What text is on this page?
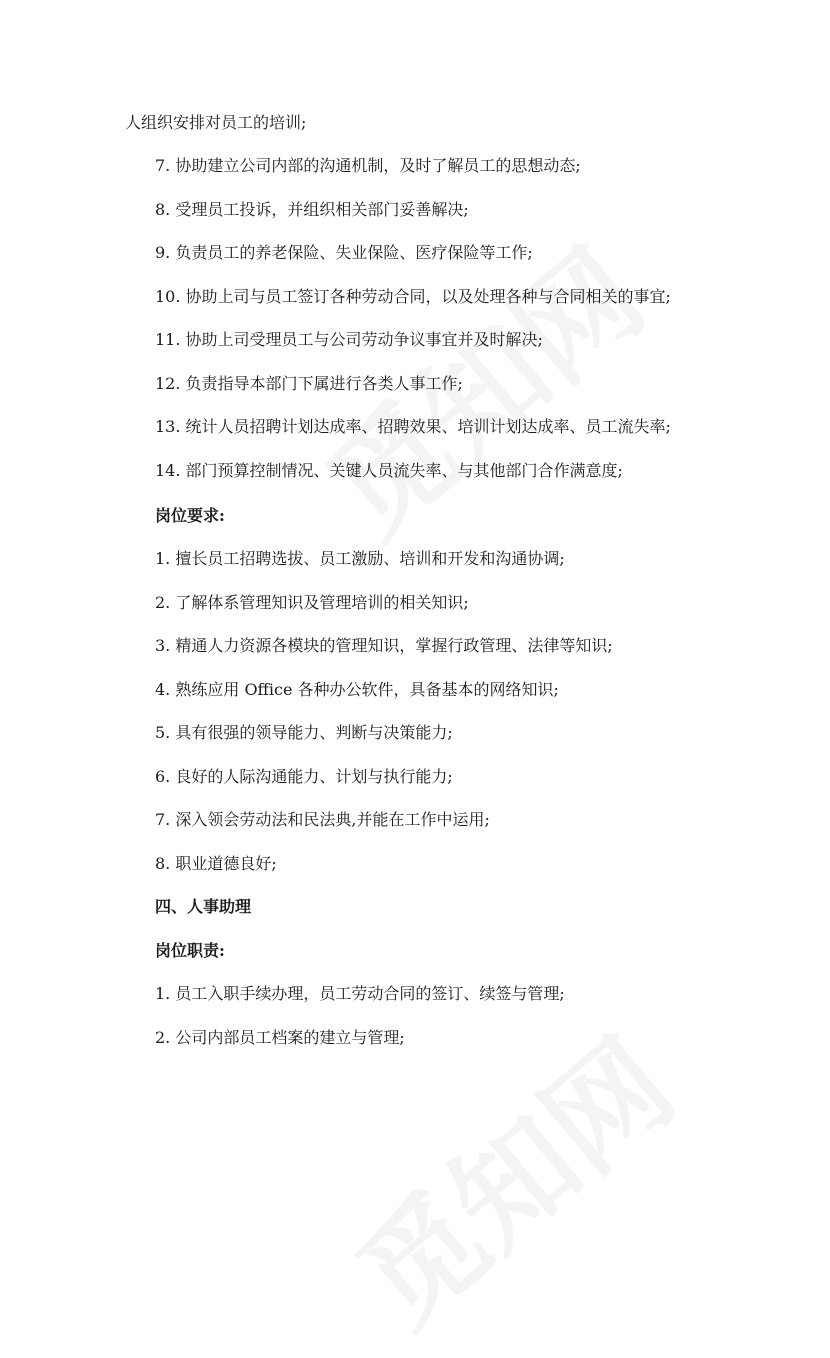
人组织安排对员工的培训;
7. 协助建立公司内部的沟通机制，及时了解员工的思想动态;
8. 受理员工投诉，并组织相关部门妥善解决;
9. 负责员工的养老保险、失业保险、医疗保险等工作;
10. 协助上司与员工签订各种劳动合同，以及处理各种与合同相关的事宜;
11. 协助上司受理员工与公司劳动争议事宜并及时解决;
12. 负责指导本部门下属进行各类人事工作;
13. 统计人员招聘计划达成率、招聘效果、培训计划达成率、员工流失率;
14. 部门预算控制情况、关键人员流失率、与其他部门合作满意度;
岗位要求:
1. 擅长员工招聘选拔、员工激励、培训和开发和沟通协调;
2. 了解体系管理知识及管理培训的相关知识;
3. 精通人力资源各模块的管理知识，掌握行政管理、法律等知识;
4. 熟练应用 Office 各种办公软件，具备基本的网络知识;
5. 具有很强的领导能力、判断与决策能力;
6. 良好的人际沟通能力、计划与执行能力;
7. 深入领会劳动法和民法典,并能在工作中运用;
8. 职业道德良好;
四、人事助理
岗位职责:
1. 员工入职手续办理，员工劳动合同的签订、续签与管理;
2. 公司内部员工档案的建立与管理;
